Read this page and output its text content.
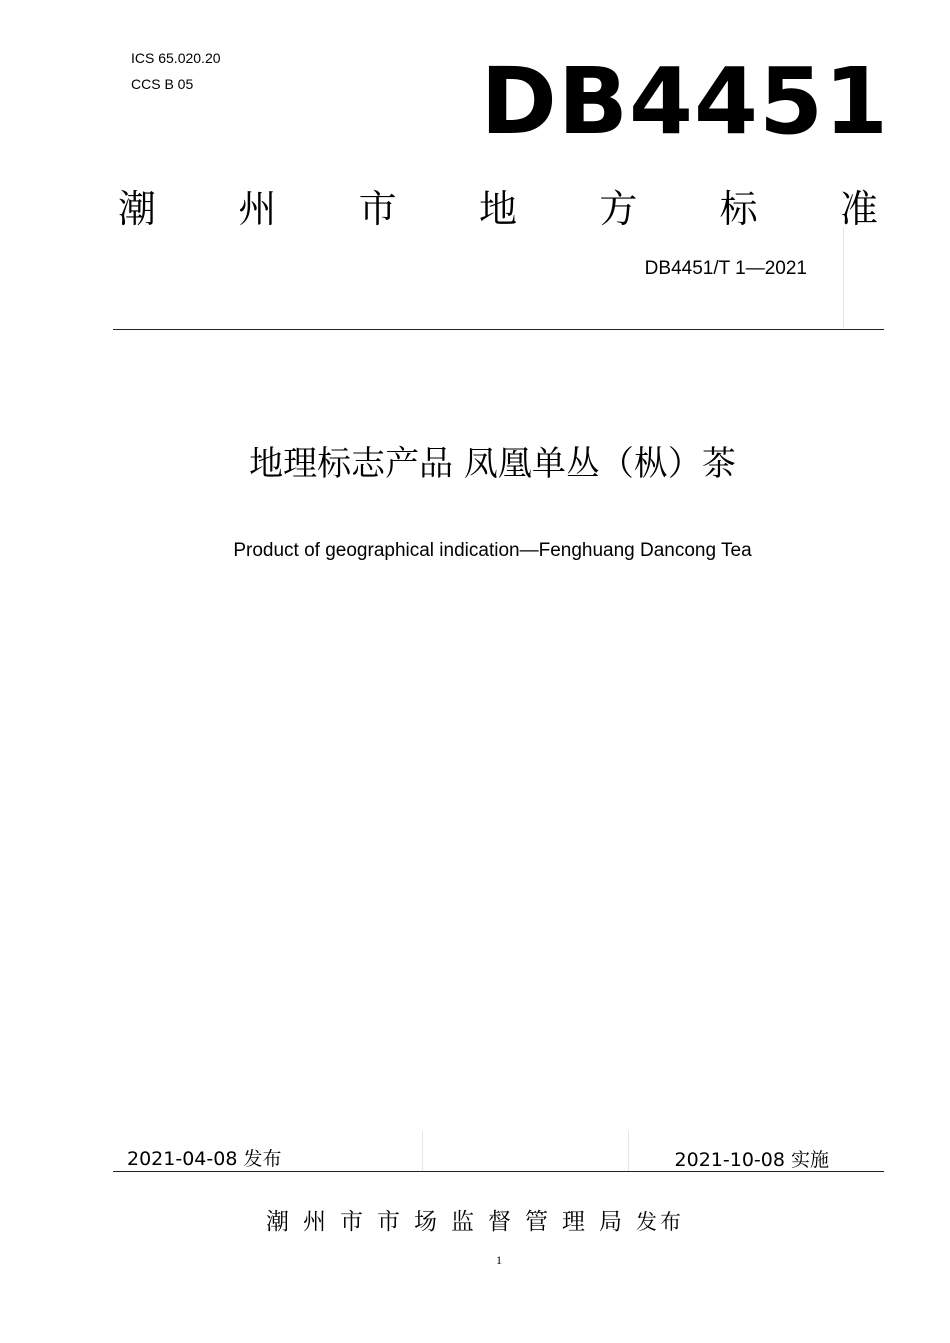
ICS 65.020.20
CCS B 05	DB4451
潮 州 市 地 方 标 准
DB4451/T 1—2021
地理标志产品 凤凰单丛（枞）茶
Product of geographical indication—Fenghuang Dancong Tea
2021-04-08 发布	2021-10-08 实施
潮州市市场监督管理局发布
1
